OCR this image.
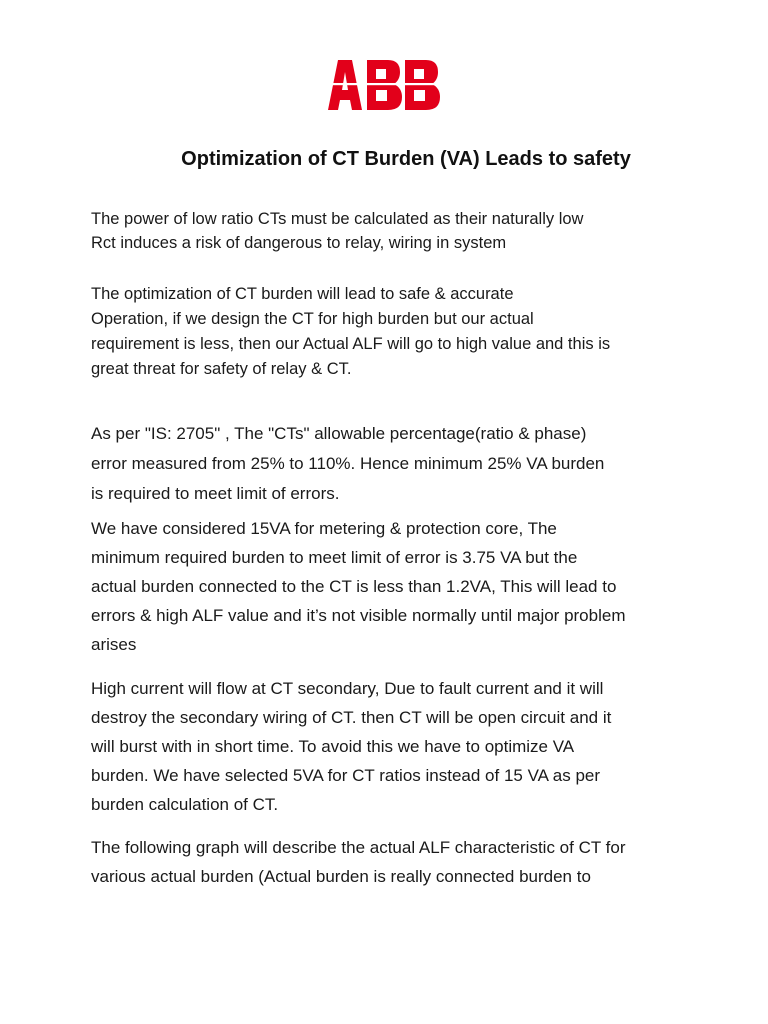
Optimization of CT Burden (VA) Leads to safety
The power of low ratio CTs must be calculated as their naturally low
Rct induces a risk of dangerous to relay, wiring in system
The optimization of CT burden will lead to safe & accurate
Operation, if we design the CT for high burden but our actual
requirement is less, then our Actual ALF will go to high value and this is
great threat for safety of relay & CT.
As per "IS: 2705" , The "CTs" allowable percentage(ratio & phase)
error measured from 25% to 110%. Hence minimum 25% VA burden
is required to meet limit of errors.
We have considered 15VA for metering & protection core, The
minimum required burden to meet limit of error is 3.75 VA but the
actual burden connected to the CT is less than 1.2VA, This will lead to
errors & high ALF value and it’s not visible normally until major problem
arises
High current will flow at CT secondary, Due to fault current and it will
destroy the secondary wiring of CT. then CT will be open circuit and it
will burst with in short time. To avoid this we have to optimize VA
burden. We have selected 5VA for CT ratios instead of 15 VA as per
burden calculation of CT.
The following graph will describe the actual ALF characteristic of CT for
various actual burden (Actual burden is really connected burden to
